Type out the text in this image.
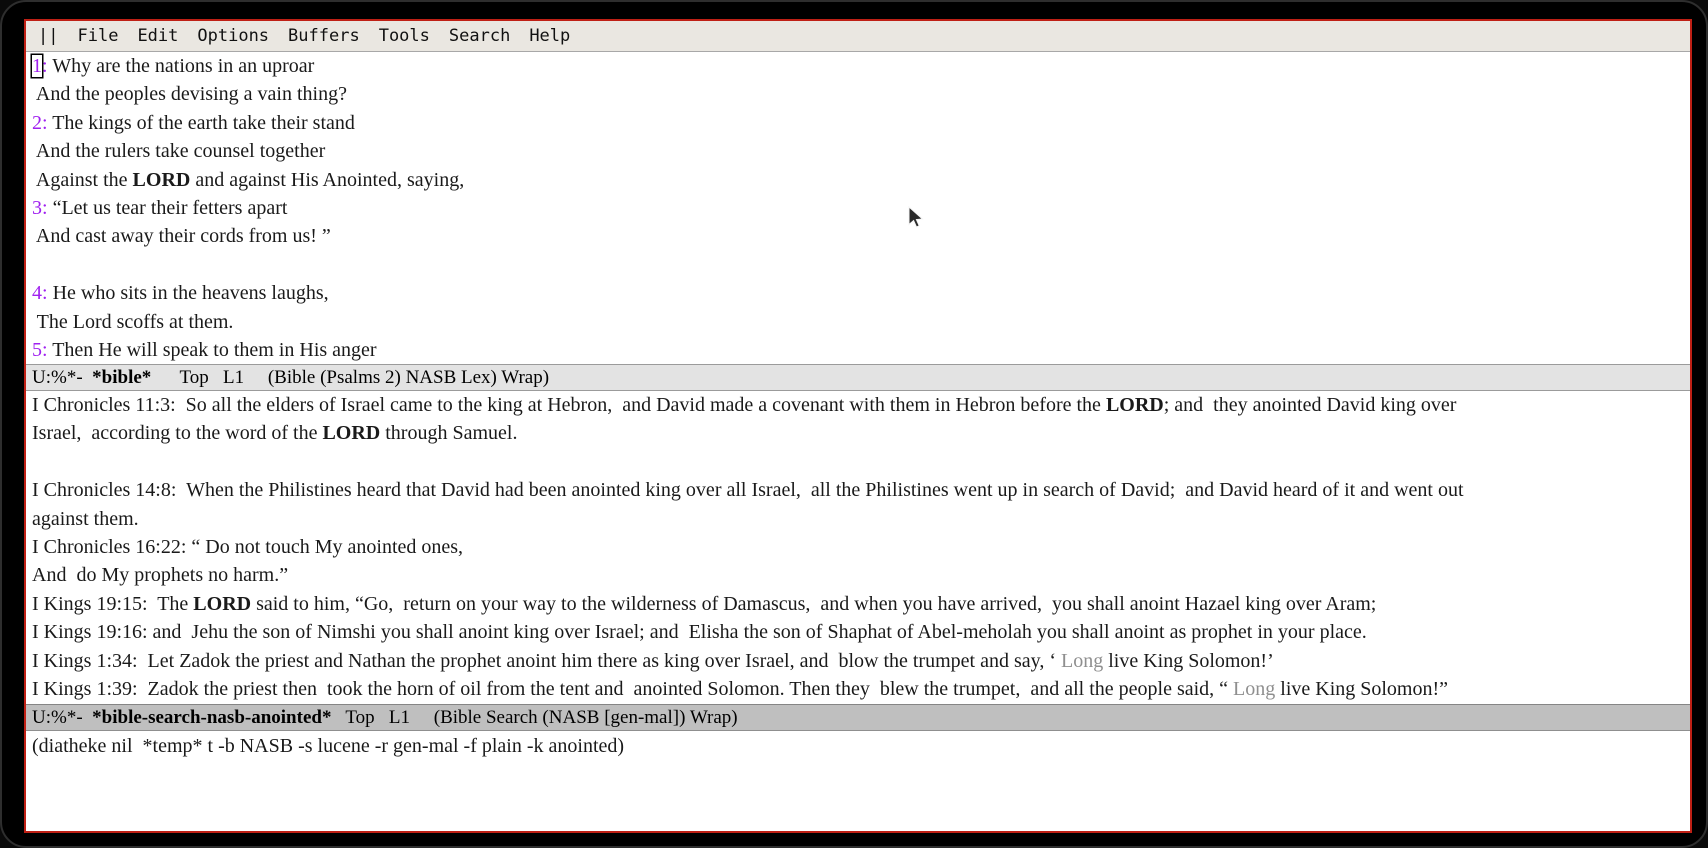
|| File Edit Options Buffers Tools Search Help
1: Why are the nations in an uproar
And the peoples devising a vain thing?
2: The kings of the earth take their stand
And the rulers take counsel together
Against the LORD and against His Anointed, saying,
3: “Let us tear their fetters apart
And cast away their cords from us! ”

4: He who sits in the heavens laughs,
The Lord scoffs at them.
5: Then He will speak to them in His anger
U:%*-  *bible*      Top   L1     (Bible (Psalms 2) NASB Lex) Wrap)
I Chronicles 11:3:  So all the elders of Israel came to the king at Hebron,  and David made a covenant with them in Hebron before the LORD; and  they anointed David king over
Israel,  according to the word of the LORD through Samuel.

I Chronicles 14:8:  When the Philistines heard that David had been anointed king over all Israel,  all the Philistines went up in search of David;  and David heard of it and went out
against them.
I Chronicles 16:22: “ Do not touch My anointed ones,
And  do My prophets no harm.”
I Kings 19:15:  The LORD said to him, “Go,  return on your way to the wilderness of Damascus,  and when you have arrived,  you shall anoint Hazael king over Aram;
I Kings 19:16: and  Jehu the son of Nimshi you shall anoint king over Israel; and  Elisha the son of Shaphat of Abel-meholah you shall anoint as prophet in your place.
I Kings 1:34:  Let Zadok the priest and Nathan the prophet anoint him there as king over Israel, and  blow the trumpet and say, ‘ Long live King Solomon!’
I Kings 1:39:  Zadok the priest then  took the horn of oil from the tent and  anointed Solomon. Then they  blew the trumpet,  and all the people said, “ Long live King Solomon!”
U:%*-  *bible-search-nasb-anointed*   Top   L1     (Bible Search (NASB [gen-mal]) Wrap)
(diatheke nil  *temp* t -b NASB -s lucene -r gen-mal -f plain -k anointed)
